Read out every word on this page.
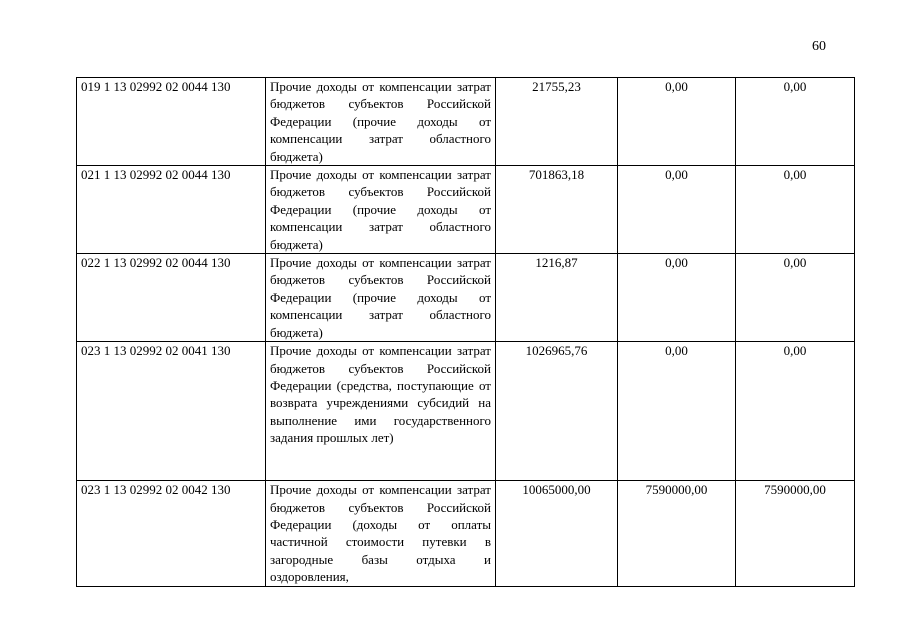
60
019 1 13 02992 02 0044 130	Прочие доходы от компенсации затрат бюджетов субъектов Российской Федерации (прочие доходы от компенсации затрат областного бюджета)	21755,23	0,00	0,00
021 1 13 02992 02 0044 130	Прочие доходы от компенсации затрат бюджетов субъектов Российской Федерации (прочие доходы от компенсации затрат областного бюджета)	701863,18	0,00	0,00
022 1 13 02992 02 0044 130	Прочие доходы от компенсации затрат бюджетов субъектов Российской Федерации (прочие доходы от компенсации затрат областного бюджета)	1216,87	0,00	0,00
023 1 13 02992 02 0041 130	Прочие доходы от компенсации затрат бюджетов субъектов Российской Федерации (средства, поступающие от возврата учреждениями субсидий на выполнение ими государственного задания прошлых лет)	1026965,76	0,00	0,00
023 1 13 02992 02 0042 130	Прочие доходы от компенсации затрат бюджетов субъектов Российской Федерации (доходы от оплаты частичной стоимости путевки в загородные базы отдыха и оздоровления,	10065000,00	7590000,00	7590000,00
